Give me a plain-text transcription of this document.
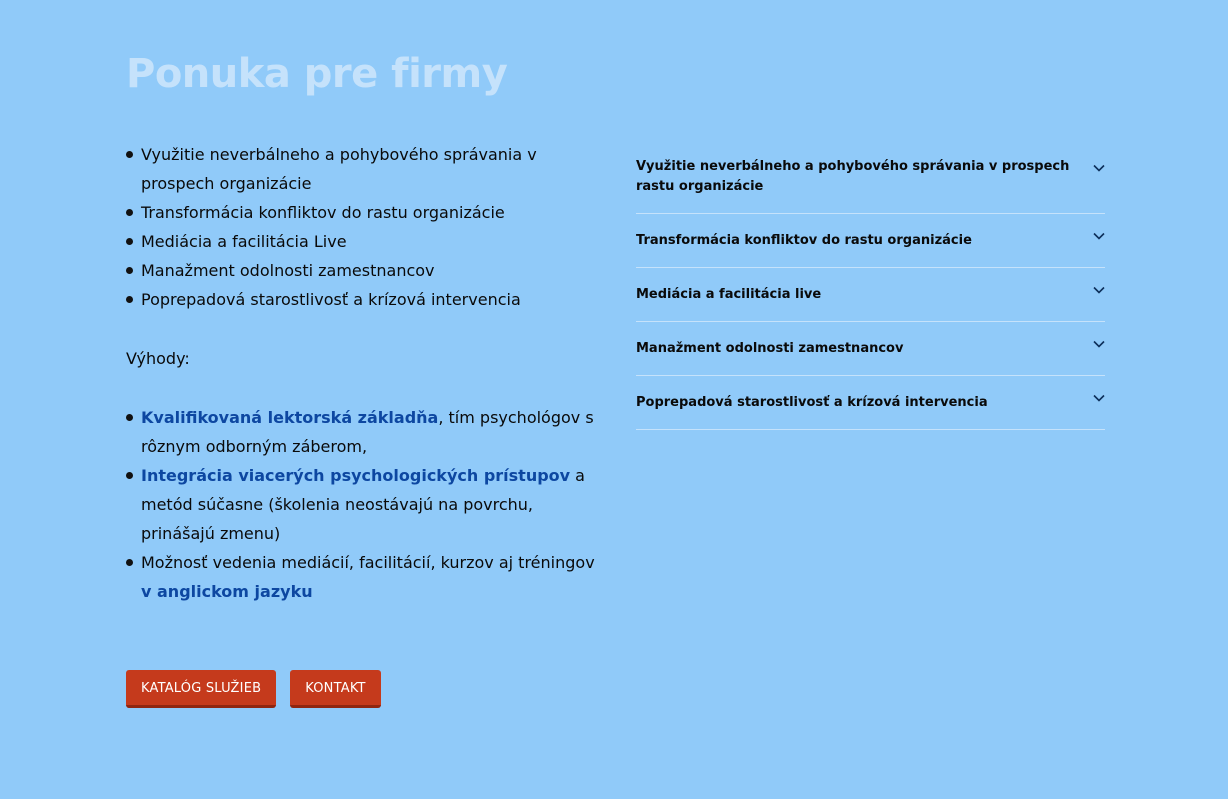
Ponuka pre firmy
Využitie neverbálneho a pohybového správania v prospech organizácie
Transformácia konfliktov do rastu organizácie
Mediácia a facilitácia Live
Manažment odolnosti zamestnancov
Poprepadová starostlivosť a krízová intervencia
Výhody:
Kvalifikovaná lektorská základňa, tím psychológov s rôznym odborným záberom,
Integrácia viacerých psychologických prístupov a metód súčasne (školenia neostávajú na povrchu, prinášajú zmenu)
Možnosť vedenia mediácií, facilitácií, kurzov aj tréningov v anglickom jazyku
KATALÓG SLUŽIEB	KONTAKT
Využitie neverbálneho a pohybového správania v prospech rastu organizácie
Transformácia konfliktov do rastu organizácie
Mediácia a facilitácia live
Manažment odolnosti zamestnancov
Poprepadová starostlivosť a krízová intervencia
